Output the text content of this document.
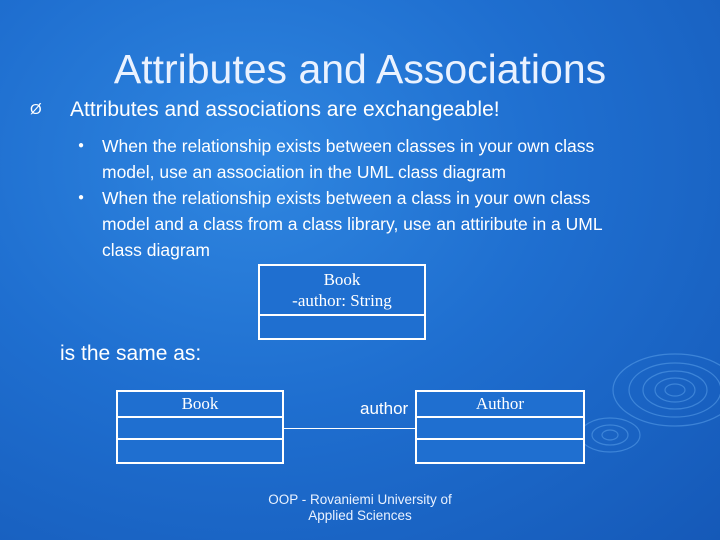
Attributes and Associations
Ø Attributes and associations are exchangeable!
● When the relationship exists between classes in your own class
model, use an association in the UML class diagram
● When the relationship exists between a class in your own class
model and a class from a class library, use an attiribute in a UML
class diagram
Book
-author: String
is the same as:
Book	author	Author
OOP - Rovaniemi University of
Applied Sciences
